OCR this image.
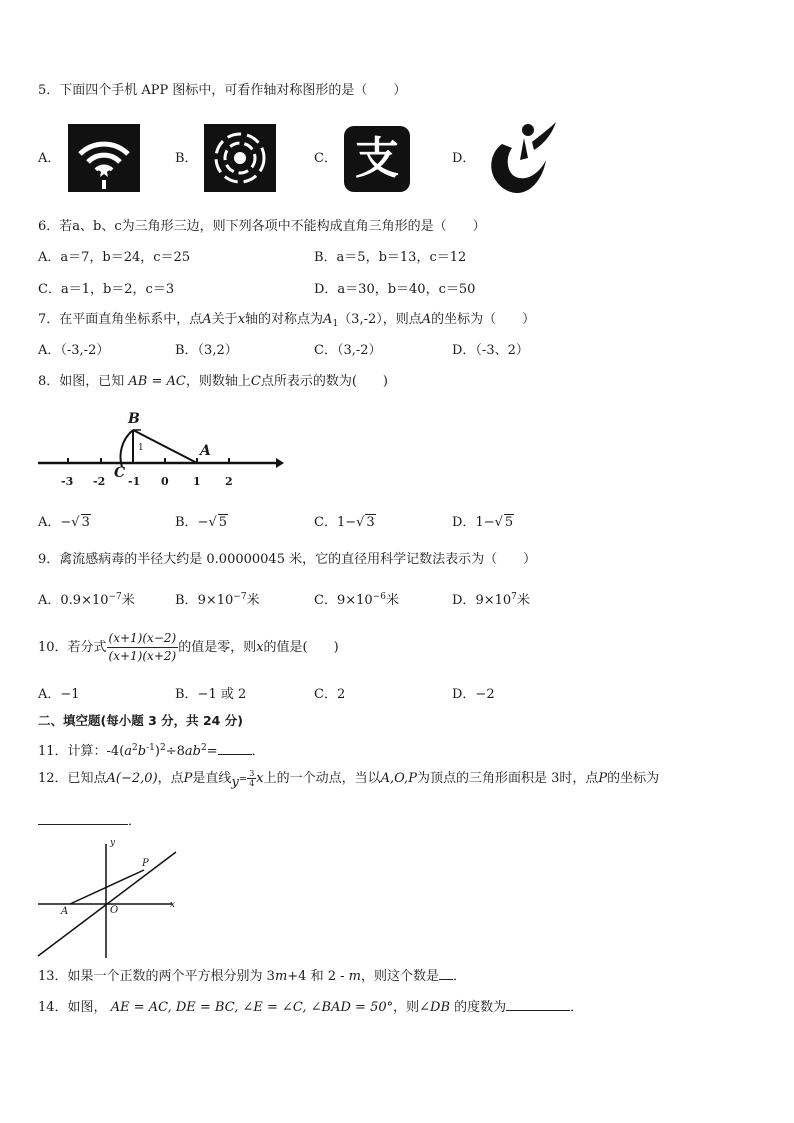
5．下面四个手机 APP 图标中，可看作轴对称图形的是（　　）
A．	B．	C． 支	D．
6．若a、b、c为三角形三边，则下列各项中不能构成直角三角形的是（　　）
A．a＝7，b＝24，c＝25	B．a＝5，b＝13，c＝12
C．a＝1，b＝2，c＝3	D．a＝30，b＝40，c＝50
7．在平面直角坐标系中，点A关于x轴的对称点为$A_1(3,-2)$，则点A的坐标为（　　）
A．（-3,-2）	B．（3,2）	C．（3,-2）	D．（-3、2）
8．如图，已知 AB = AC，则数轴上C点所表示的数为(　　)
B
1	A
C
-3 -2 -1 0 1 2
A．−√ 3	B．−√ 5	C．1−√ 3	D．1−√ 5
9．禽流感病毒的半径大约是 0.00000045 米，它的直径用科学记数法表示为（　　）
A．$0.9\times 10^{-7}$米	B．$9\times 10^{-7}$米	C．$9\times 10^{-6}$米	D．$9\times 10^7$米
10．若分式 $\frac{(x+1)(x-2)}{(x+1)(x+2)}$ 的值是零，则x的值是(　　)
A．−1	B．−1 或 2	C．2	D．−2
二、填空题(每小题 3 分，共 24 分)
11．计算：$-4(a^2b^{-1})^2\div 8ab^2=$	．
12．已知点A(−2,0)，点P是直线$y= \frac{3}{4}$ x上的一个动点，当以A,O,P为顶点的三角形面积是 3时，点P的坐标为
．
y
P
A	O	x
13．如果一个正数的两个平方根分别为 3m+4 和 2 - m，则这个数是 ．
14．如图， AE = AC, DE = BC, ∠E = ∠C, ∠BAD = 50°，则∠DB 的度数为	．
